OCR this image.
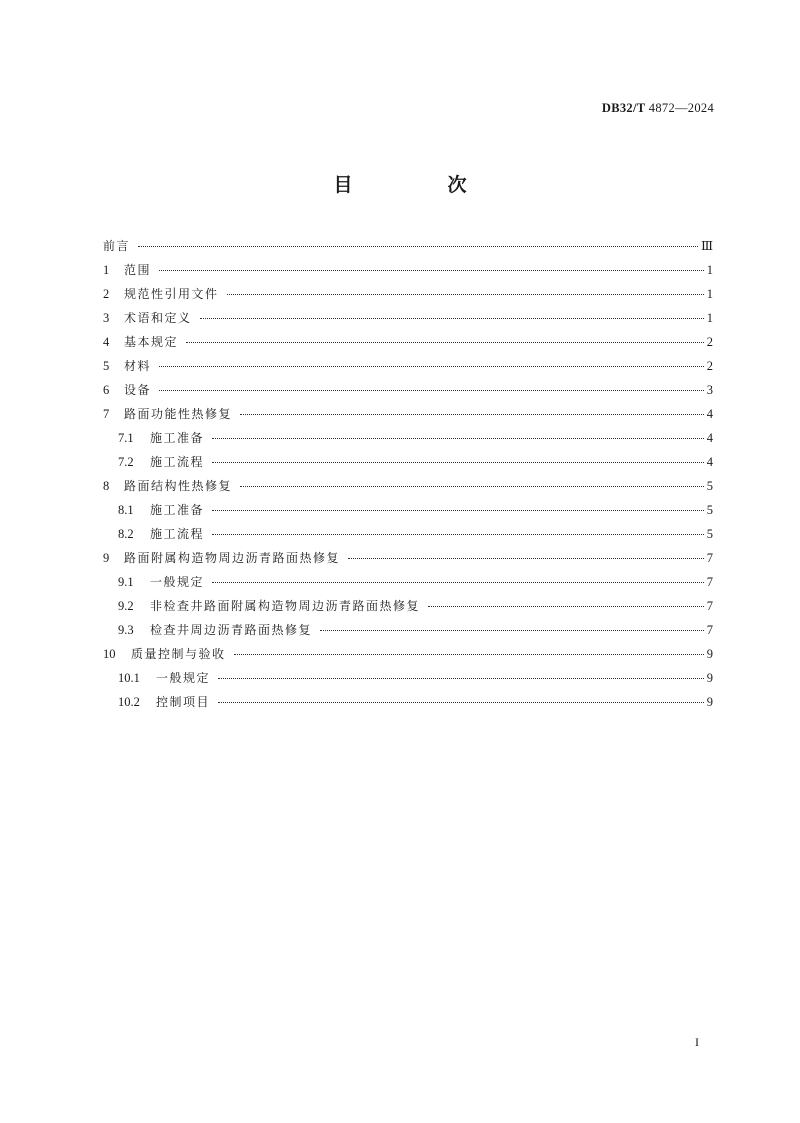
DB32/T 4872—2024
目　次
前言	Ⅲ
1	范围	1
2	规范性引用文件	1
3	术语和定义	1
4	基本规定	2
5	材料	2
6	设备	3
7	路面功能性热修复	4
7.1	施工准备	4
7.2	施工流程	4
8	路面结构性热修复	5
8.1	施工准备	5
8.2	施工流程	5
9	路面附属构造物周边沥青路面热修复	7
9.1	一般规定	7
9.2	非检查井路面附属构造物周边沥青路面热修复	7
9.3	检查井周边沥青路面热修复	7
10	质量控制与验收	9
10.1	一般规定	9
10.2	控制项目	9
I
